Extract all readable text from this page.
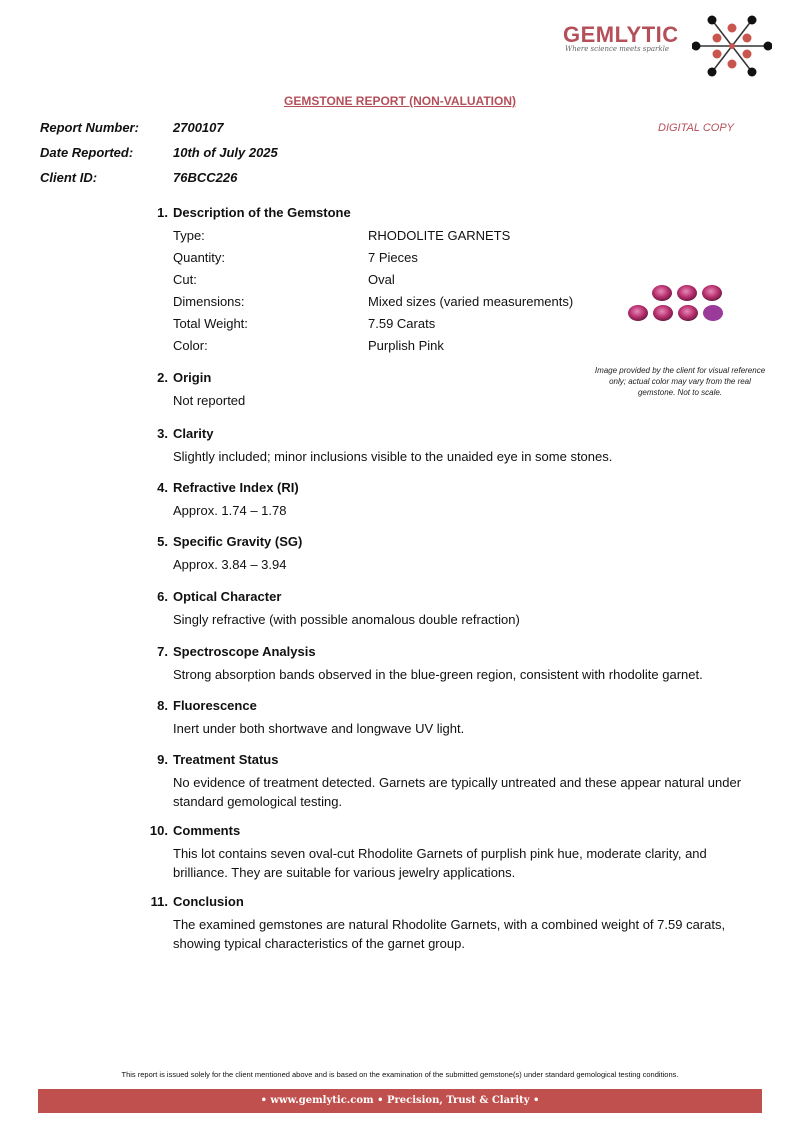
GEMLYTIC
Where science meets sparkle
GEMSTONE REPORT (NON-VALUATION)
DIGITAL COPY
Report Number:	2700107
Date Reported:	10th of July 2025
Client ID:	76BCC226
1. Description of the Gemstone
Type:	RHODOLITE GARNETS
Quantity:	7 Pieces
Cut:	Oval
Dimensions:	Mixed sizes (varied measurements)
Total Weight:	7.59 Carats
Color:	Purplish Pink
Image provided by the client for visual reference only; actual color may vary from the real gemstone. Not to scale.
2. Origin
Not reported
3. Clarity
Slightly included; minor inclusions visible to the unaided eye in some stones.
4. Refractive Index (RI)
Approx. 1.74 – 1.78
5. Specific Gravity (SG)
Approx. 3.84 – 3.94
6. Optical Character
Singly refractive (with possible anomalous double refraction)
7. Spectroscope Analysis
Strong absorption bands observed in the blue-green region, consistent with rhodolite garnet.
8. Fluorescence
Inert under both shortwave and longwave UV light.
9. Treatment Status
No evidence of treatment detected. Garnets are typically untreated and these appear natural under standard gemological testing.
10. Comments
This lot contains seven oval-cut Rhodolite Garnets of purplish pink hue, moderate clarity, and brilliance. They are suitable for various jewelry applications.
11. Conclusion
The examined gemstones are natural Rhodolite Garnets, with a combined weight of 7.59 carats, showing typical characteristics of the garnet group.
This report is issued solely for the client mentioned above and is based on the examination of the submitted gemstone(s) under standard gemological testing conditions.
• www.gemlytic.com • Precision, Trust & Clarity •
